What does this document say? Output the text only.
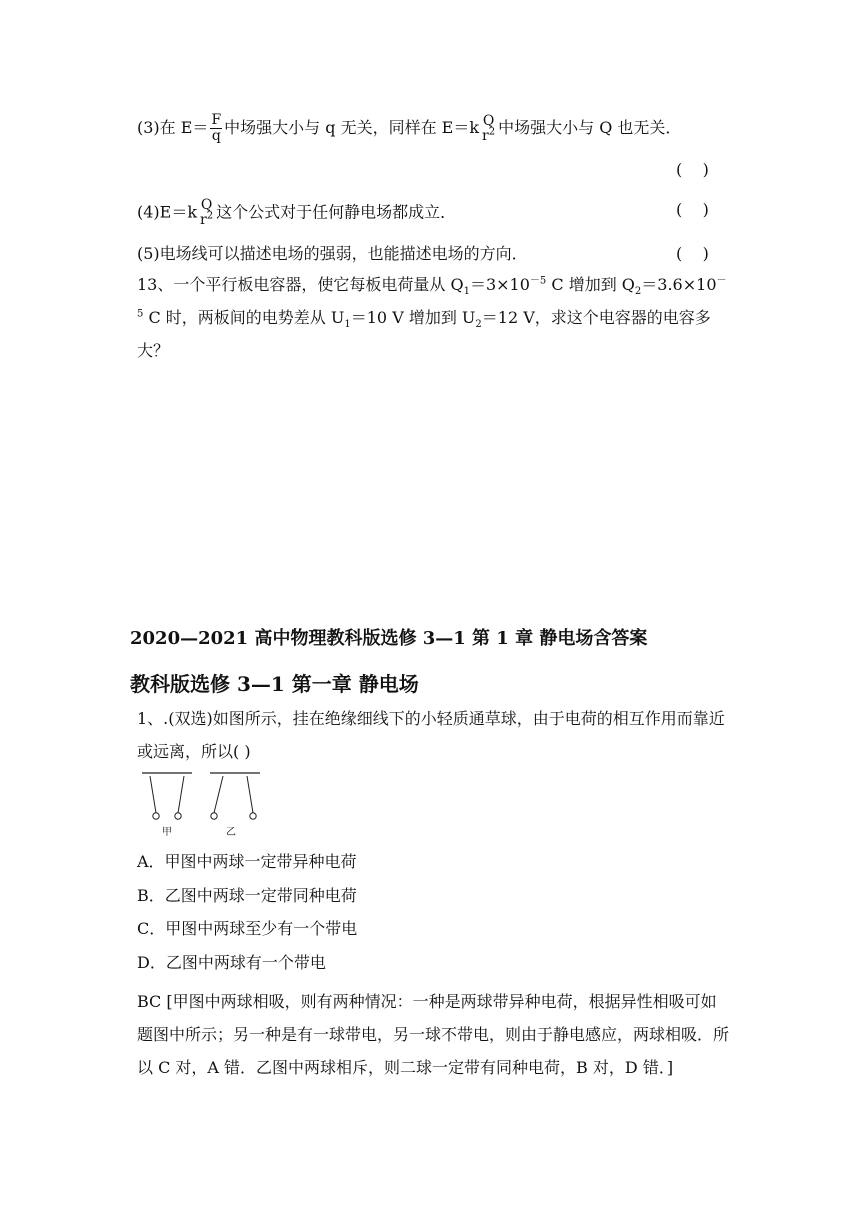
(3)在 $E= \frac{F}{q}$ 中场强大小与 q 无关，同样在 E＝k Q
$r^2$ 中场强大小与 Q 也无关．
(    )
(4)E＝k Q
$r^2$ 这个公式对于任何静电场都成立．	(    )
(5)电场线可以描述电场的强弱，也能描述电场的方向．	(    )
13、一个平行板电容器，使它每板电荷量从 $Q_1=3\times 10^{-5}$ C 增加到 $Q_2=3.6\times 10^{-5}$ C 时，两板间的电势差从 $U_1=10$ V 增加到 $U_2=12$ V，求这个电容器的电容多大？
2020—2021 高中物理教科版选修 3—1 第 1 章 静电场含答案
教科版选修 3—1 第一章 静电场
1、.(双选)如图所示，挂在绝缘细线下的小轻质通草球，由于电荷的相互作用而靠近或远离，所以( )
甲	乙
A．甲图中两球一定带异种电荷
B．乙图中两球一定带同种电荷
C．甲图中两球至少有一个带电
D．乙图中两球有一个带电
BC [甲图中两球相吸，则有两种情况：一种是两球带异种电荷，根据异性相吸可如题图中所示；另一种是有一球带电，另一球不带电，则由于静电感应，两球相吸．所以 C 对，A 错．乙图中两球相斥，则二球一定带有同种电荷，B 对，D 错．]
